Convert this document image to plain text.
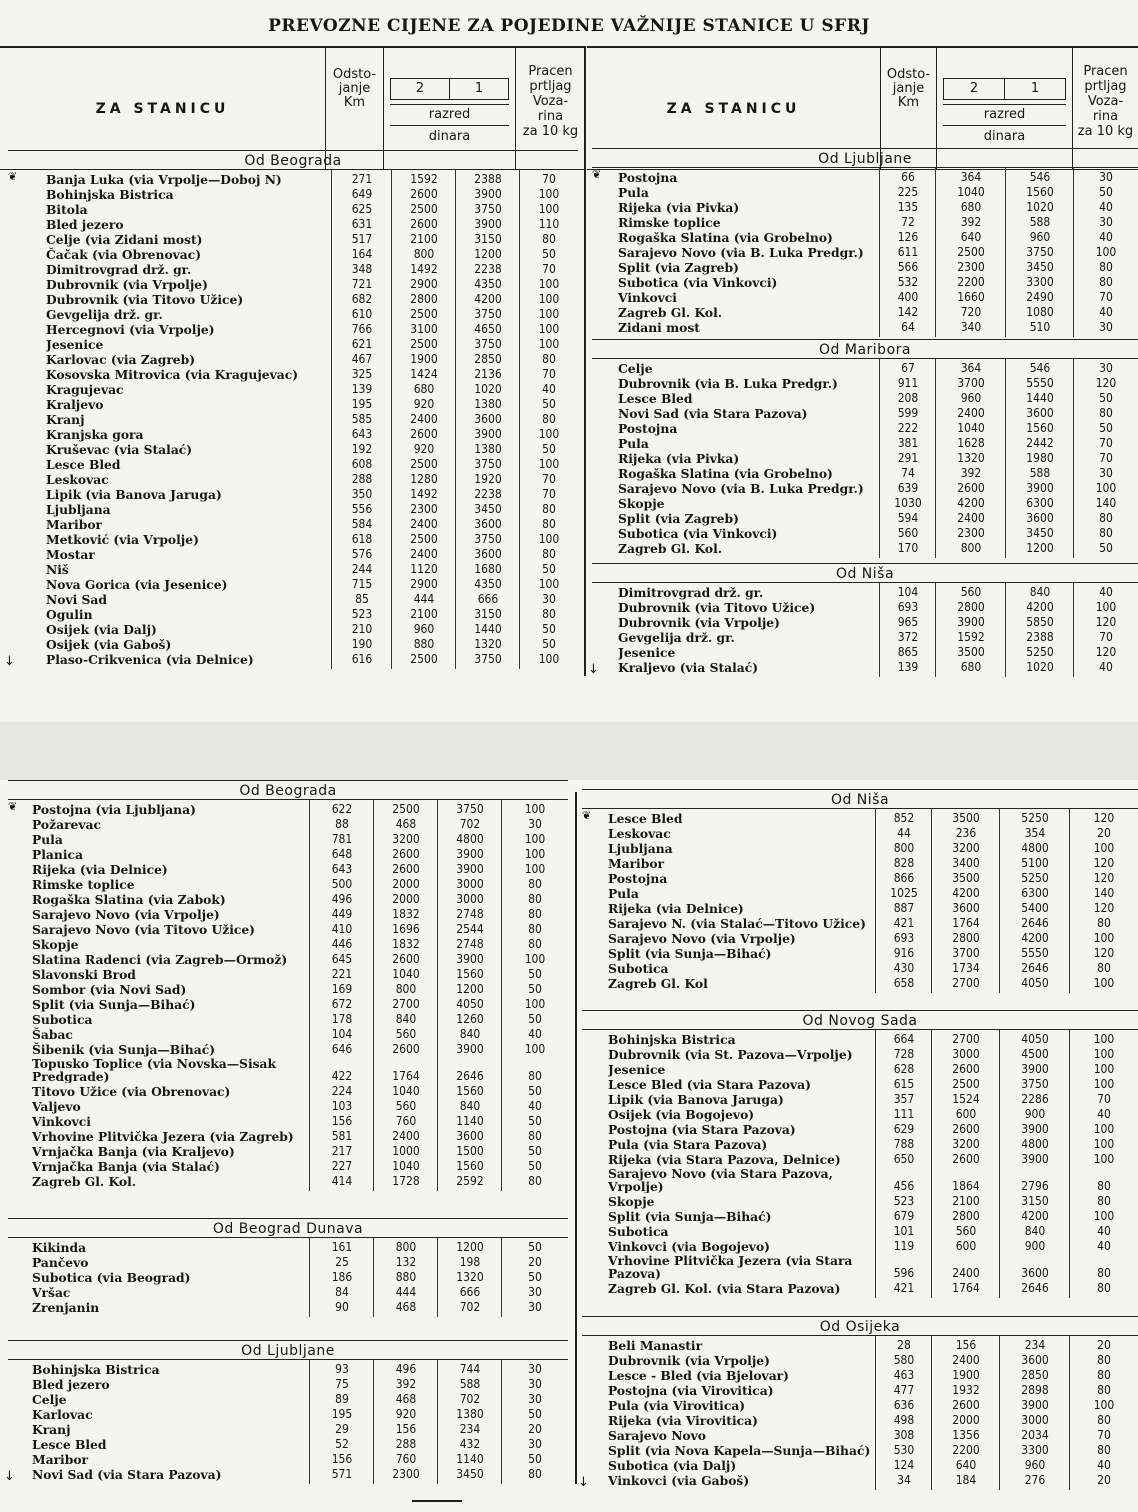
PREVOZNE CIJENE ZA POJEDINE VAŽNIJE STANICE U SFRJ
ZA STANICU
Odsto-
janje
Km
2	1
razred
dinara
Pracen
prtljag
Voza-
rina
za 10 kg
ZA STANICU
Odsto-
janje
Km
2	1
razred
dinara
Pracen
prtljag
Voza-
rina
za 10 kg
Od Beograda
Banja Luka (via Vrpolje—Doboj N)	271	1592	2388	70
Bohinjska Bistrica	649	2600	3900	100
Bitola	625	2500	3750	100
Bled jezero	631	2600	3900	110
Celje (via Zidani most)	517	2100	3150	80
Čačak (via Obrenovac)	164	800	1200	50
Dimitrovgrad drž. gr.	348	1492	2238	70
Dubrovnik (via Vrpolje)	721	2900	4350	100
Dubrovnik (via Titovo Užice)	682	2800	4200	100
Gevgelija drž. gr.	610	2500	3750	100
Hercegnovi (via Vrpolje)	766	3100	4650	100
Jesenice	621	2500	3750	100
Karlovac (via Zagreb)	467	1900	2850	80
Kosovska Mitrovica (via Kragujevac)	325	1424	2136	70
Kragujevac	139	680	1020	40
Kraljevo	195	920	1380	50
Kranj	585	2400	3600	80
Kranjska gora	643	2600	3900	100
Kruševac (via Stalać)	192	920	1380	50
Lesce Bled	608	2500	3750	100
Leskovac	288	1280	1920	70
Lipik (via Banova Jaruga)	350	1492	2238	70
Ljubljana	556	2300	3450	80
Maribor	584	2400	3600	80
Metković (via Vrpolje)	618	2500	3750	100
Mostar	576	2400	3600	80
Niš	244	1120	1680	50
Nova Gorica (via Jesenice)	715	2900	4350	100
Novi Sad	85	444	666	30
Ogulin	523	2100	3150	80
Osijek (via Dalj)	210	960	1440	50
Osijek (via Gaboš)	190	880	1320	50
Plaso-Crikvenica (via Delnice)	616	2500	3750	100
↓
❦
Od Ljubljane
Postojna	66	364	546	30
Pula	225	1040	1560	50
Rijeka (via Pivka)	135	680	1020	40
Rimske toplice	72	392	588	30
Rogaška Slatina (via Grobelno)	126	640	960	40
Sarajevo Novo (via B. Luka Predgr.)	611	2500	3750	100
Split (via Zagreb)	566	2300	3450	80
Subotica (via Vinkovci)	532	2200	3300	80
Vinkovci	400	1660	2490	70
Zagreb Gl. Kol.	142	720	1080	40
Zidani most	64	340	510	30
❦
Od Maribora
Celje	67	364	546	30
Dubrovnik (via B. Luka Predgr.)	911	3700	5550	120
Lesce Bled	208	960	1440	50
Novi Sad (via Stara Pazova)	599	2400	3600	80
Postojna	222	1040	1560	50
Pula	381	1628	2442	70
Rijeka (via Pivka)	291	1320	1980	70
Rogaška Slatina (via Grobelno)	74	392	588	30
Sarajevo Novo (via B. Luka Predgr.)	639	2600	3900	100
Skopje	1030	4200	6300	140
Split (via Zagreb)	594	2400	3600	80
Subotica (via Vinkovci)	560	2300	3450	80
Zagreb Gl. Kol.	170	800	1200	50
Od Niša
Dimitrovgrad drž. gr.	104	560	840	40
Dubrovnik (via Titovo Užice)	693	2800	4200	100
Dubrovnik (via Vrpolje)	965	3900	5850	120
Gevgelija drž. gr.	372	1592	2388	70
Jesenice	865	3500	5250	120
Kraljevo (via Stalać)	139	680	1020	40
↓
Od Beograda
Postojna (via Ljubljana)	622	2500	3750	100
Požarevac	88	468	702	30
Pula	781	3200	4800	100
Planica	648	2600	3900	100
Rijeka (via Delnice)	643	2600	3900	100
Rimske toplice	500	2000	3000	80
Rogaška Slatina (via Zabok)	496	2000	3000	80
Sarajevo Novo (via Vrpolje)	449	1832	2748	80
Sarajevo Novo (via Titovo Užice)	410	1696	2544	80
Skopje	446	1832	2748	80
Slatina Radenci (via Zagreb—Ormož)	645	2600	3900	100
Slavonski Brod	221	1040	1560	50
Sombor (via Novi Sad)	169	800	1200	50
Split (via Sunja—Bihać)	672	2700	4050	100
Subotica	178	840	1260	50
Šabac	104	560	840	40
Šibenik (via Sunja—Bihać)	646	2600	3900	100
Topusko Toplice (via Novska—Sisak Predgrade)	422	1764	2646	80
Titovo Užice (via Obrenovac)	224	1040	1560	50
Valjevo	103	560	840	40
Vinkovci	156	760	1140	50
Vrhovine Plitvička Jezera (via Zagreb)	581	2400	3600	80
Vrnjačka Banja (via Kraljevo)	217	1000	1500	50
Vrnjačka Banja (via Stalać)	227	1040	1560	50
Zagreb Gl. Kol.	414	1728	2592	80
❦
Od Beograd Dunava
Kikinda	161	800	1200	50
Pančevo	25	132	198	20
Subotica (via Beograd)	186	880	1320	50
Vršac	84	444	666	30
Zrenjanin	90	468	702	30
Od Ljubljane
Bohinjska Bistrica	93	496	744	30
Bled jezero	75	392	588	30
Celje	89	468	702	30
Karlovac	195	920	1380	50
Kranj	29	156	234	20
Lesce Bled	52	288	432	30
Maribor	156	760	1140	50
Novi Sad (via Stara Pazova)	571	2300	3450	80
↓
Od Niša
Lesce Bled	852	3500	5250	120
Leskovac	44	236	354	20
Ljubljana	800	3200	4800	100
Maribor	828	3400	5100	120
Postojna	866	3500	5250	120
Pula	1025	4200	6300	140
Rijeka (via Delnice)	887	3600	5400	120
Sarajevo N. (via Stalać—Titovo Užice)	421	1764	2646	80
Sarajevo Novo (via Vrpolje)	693	2800	4200	100
Split (via Sunja—Bihać)	916	3700	5550	120
Subotica	430	1734	2646	80
Zagreb Gl. Kol	658	2700	4050	100
❦
Od Novog Sada
Bohinjska Bistrica	664	2700	4050	100
Dubrovnik (via St. Pazova—Vrpolje)	728	3000	4500	100
Jesenice	628	2600	3900	100
Lesce Bled (via Stara Pazova)	615	2500	3750	100
Lipik (via Banova Jaruga)	357	1524	2286	70
Osijek (via Bogojevo)	111	600	900	40
Postojna (via Stara Pazova)	629	2600	3900	100
Pula (via Stara Pazova)	788	3200	4800	100
Rijeka (via Stara Pazova, Delnice)	650	2600	3900	100
Sarajevo Novo (via Stara Pazova, Vrpolje)	456	1864	2796	80
Skopje	523	2100	3150	80
Split (via Sunja—Bihać)	679	2800	4200	100
Subotica	101	560	840	40
Vinkovci (via Bogojevo)	119	600	900	40
Vrhovine Plitvička Jezera (via Stara Pazova)	596	2400	3600	80
Zagreb Gl. Kol. (via Stara Pazova)	421	1764	2646	80
Od Osijeka
Beli Manastir	28	156	234	20
Dubrovnik (via Vrpolje)	580	2400	3600	80
Lesce - Bled (via Bjelovar)	463	1900	2850	80
Postojna (via Virovitica)	477	1932	2898	80
Pula (via Virovitica)	636	2600	3900	100
Rijeka (via Virovitica)	498	2000	3000	80
Sarajevo Novo	308	1356	2034	70
Split (via Nova Kapela—Sunja—Bihać)	530	2200	3300	80
Subotica (via Dalj)	124	640	960	40
Vinkovci (via Gaboš)	34	184	276	20
↓
